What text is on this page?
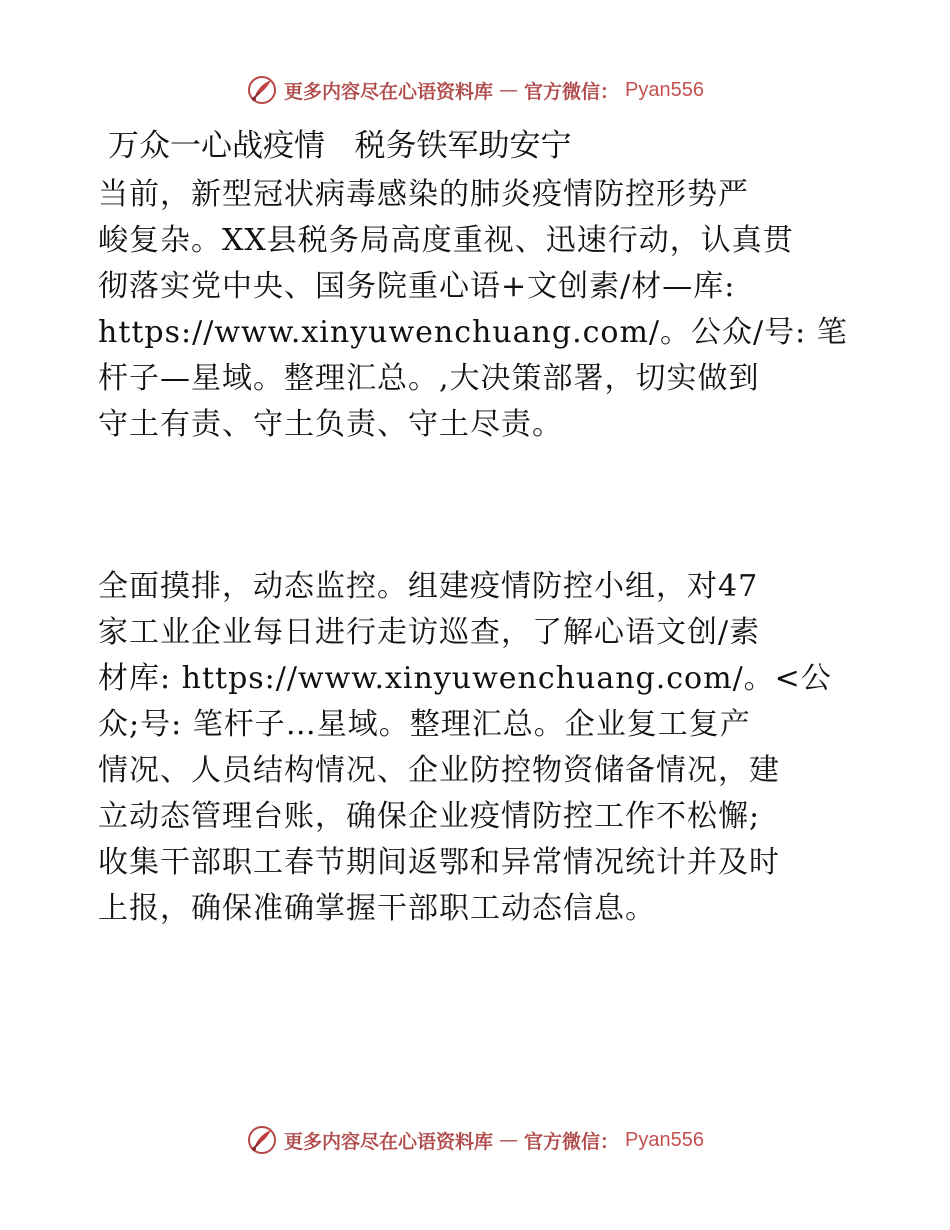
更多内容尽在心语资料库 — 官方微信： Pyan556
万众一心战疫情   税务铁军助安宁
当前，新型冠状病毒感染的肺炎疫情防控形势严
峻复杂。XX县税务局高度重视、迅速行动，认真贯
彻落实党中央、国务院重心语+文创素/材—库:
https://www.xinyuwenchuang.com/。公众/号: 笔
杆子—星域。整理汇总。,大决策部署，切实做到
守土有责、守土负责、守土尽责。
全面摸排，动态监控。组建疫情防控小组，对47
家工业企业每日进行走访巡查，了解心语文创/素
材库: https://www.xinyuwenchuang.com/。<公
众;号: 笔杆子…星域。整理汇总。企业复工复产
情况、人员结构情况、企业防控物资储备情况，建
立动态管理台账，确保企业疫情防控工作不松懈;
收集干部职工春节期间返鄂和异常情况统计并及时
上报，确保准确掌握干部职工动态信息。
更多内容尽在心语资料库 — 官方微信： Pyan556
